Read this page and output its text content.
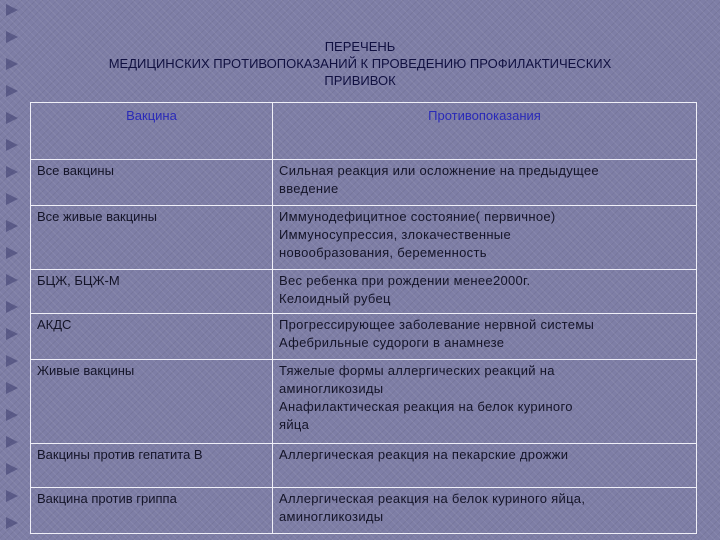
ПЕРЕЧЕНЬ
МЕДИЦИНСКИХ ПРОТИВОПОКАЗАНИЙ К ПРОВЕДЕНИЮ ПРОФИЛАКТИЧЕСКИХ
ПРИВИВОК
Вакцина	Противопоказания
Все вакцины	Сильная реакция или осложнение на предыдущее
введение

Все живые вакцины	Иммунодефицитное состояние( первичное)
Иммуносупрессия, злокачественные
новообразования, беременность

БЦЖ, БЦЖ-М	Вес ребенка при рождении менее2000г.
Келоидный рубец

АКДС	Прогрессирующее заболевание нервной системы
Афебрильные судороги в анамнезе

Живые вакцины	Тяжелые формы аллергических реакций на
аминогликозиды
Анафилактическая реакция на белок куриного
яйца

Вакцины против гепатита В	Аллергическая реакция на пекарские дрожжи

Вакцина против гриппа	Аллергическая реакция на белок куриного яйца,
аминогликозиды
